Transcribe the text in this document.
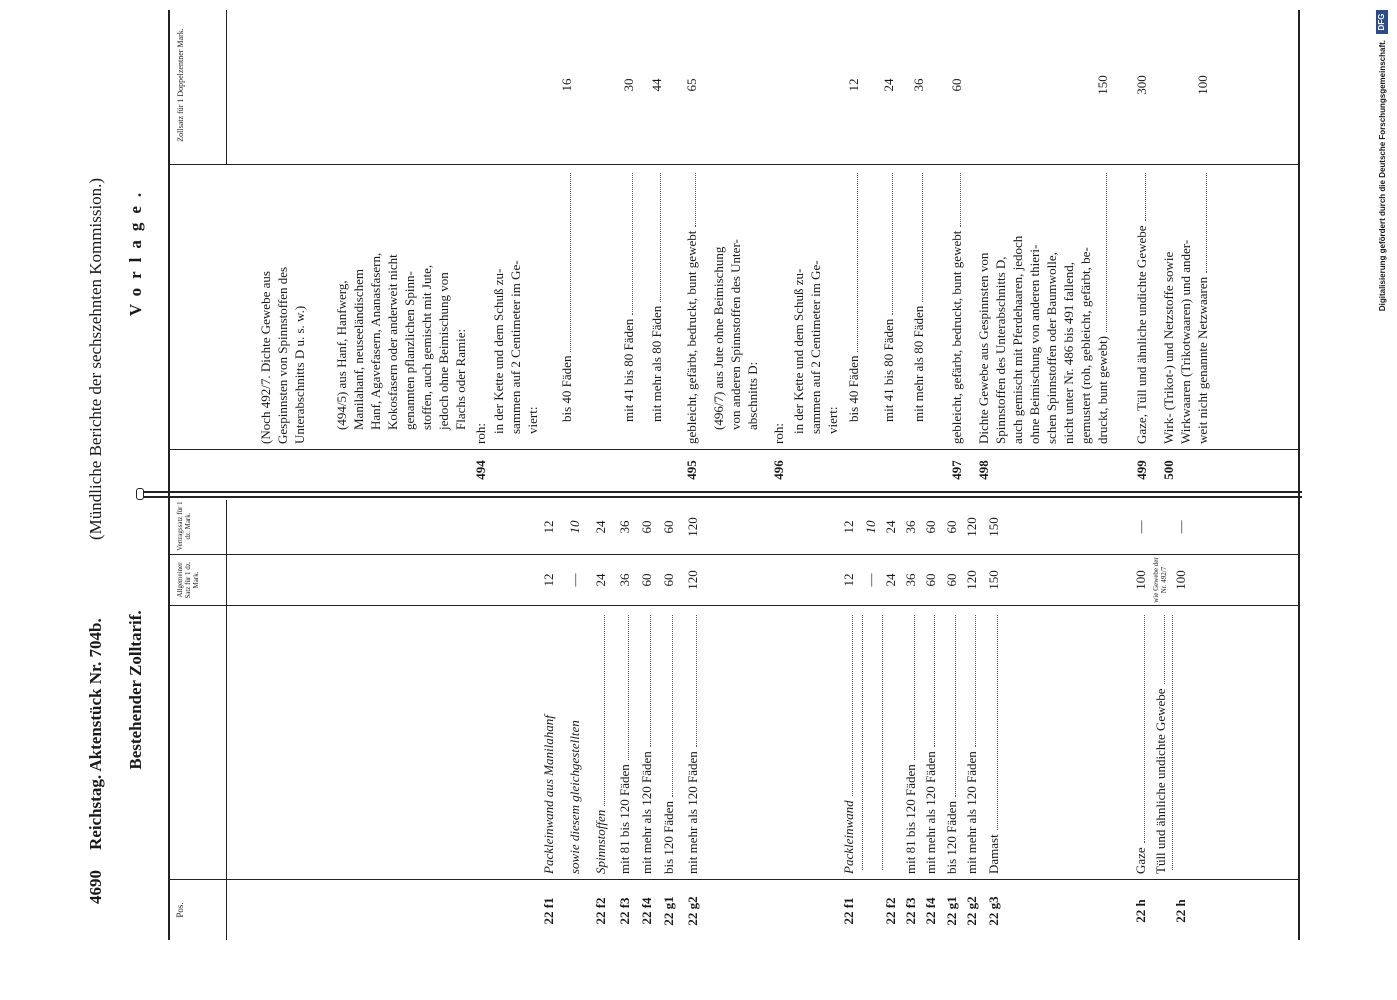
4690
Reichstag. Aktenstück Nr. 704b.
(Mündliche Berichte der sechszehnten Kommission.)
Bestehender Zolltarif.
Vorlage.
Pos.
Allgemeiner Satz für 1 dz. Mark.
Vertragssatz für 1 dz. Mark.
Zollsatz für 1 Doppelzentner Mark.
22 f1
Packleinwand aus Manilahanf
12
12
sowie diesem gleichgestellten
—
10
22 f2
Spinnstoffen
24
24
22 f3
mit 81 bis 120 Fäden
36
36
22 f4
mit mehr als 120 Fäden
60
60
22 g1
bis 120 Fäden
60
60
22 g2
mit mehr als 120 Fäden
120
120
22 f1
Packleinwand
12
12
—
10
22 f2
24
24
22 f3
mit 81 bis 120 Fäden
36
36
22 f4
mit mehr als 120 Fäden
60
60
22 g1
bis 120 Fäden
60
60
22 g2
mit mehr als 120 Fäden
120
120
22 g3
Damast
150
150
22 h
Gaze
100
—
Tüll und ähnliche undichte Gewebe
wie Gewebe der Nr. 492/7
22 h
100
—
(Noch 492/7. Dichte Gewebe aus Gespinnsten von Spinnstoffen des Unterabschnitts D u. s. w.) (494/5) aus Hanf, Hanfwerg, Manilahanf, neuseeländischem Hanf, Agavefasern, Ananasfasern, Kokosfasern oder anderweit nicht genannten pflanzlichen Spinn- stoffen, auch gemischt mit Jute, jedoch ohne Beimischung von Flachs oder Ramie:
494
roh: in der Kette und dem Schuß zu- sammen auf 2 Centimeter im Ge- viert: bis 40 Fäden
16
mit 41 bis 80 Fäden
30
mit mehr als 80 Fäden
44
495
gebleicht, gefärbt, bedruckt, bunt gewebt
65
(496/7) aus Jute ohne Beimischung von anderen Spinnstoffen des Unter- abschnitts D:
496
roh: in der Kette und dem Schuß zu- sammen auf 2 Centimeter im Ge- viert: bis 40 Fäden
12
mit 41 bis 80 Fäden
24
mit mehr als 80 Fäden
36
497
gebleicht, gefärbt, bedruckt, bunt gewebt
60
498
Dichte Gewebe aus Gespinnsten von Spinnstoffen des Unterabschnitts D, auch gemischt mit Pferdehaaren, jedoch ohne Beimischung von anderen thieri- schen Spinnstoffen oder Baumwolle, nicht unter Nr. 486 bis 491 fallend, gemustert (roh, gebleicht, gefärbt, be- druckt, bunt gewebt)
150
499
Gaze, Tüll und ähnliche undichte Gewebe
300
500
Wirk- (Trikot-) und Netzstoffe sowie Wirkwaaren (Trikotwaaren) und ander- weit nicht genannte Netzwaaren
100	Digitalisierung gefördert durch die Deutsche Forschungsgemeinschaft.
DFG
